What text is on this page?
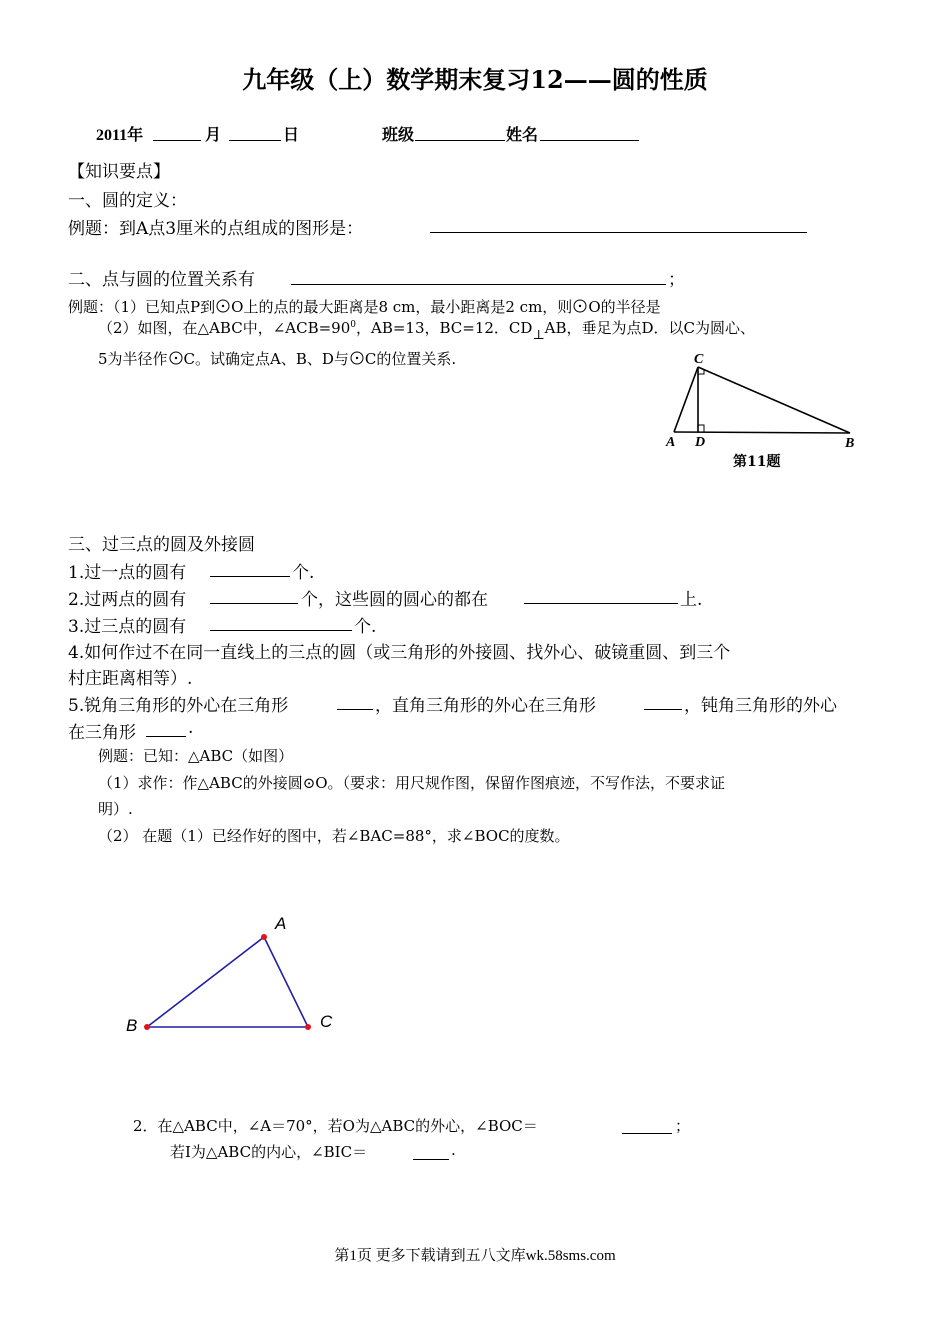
九年级（上）数学期末复习12——圆的性质
2011年	月	日	班级	姓名
【知识要点】
一、圆的定义：
例题：到A点3厘米的点组成的图形是：
二、点与圆的位置关系有	；
例题：（1）已知点P到 O上的点的最大距离是8 cm，最小距离是2 cm，则 O的半径是
（2）如图，在△ABC中，$\angle ACB=90^0$，AB=13，BC=12．CD⊥AB，垂足为点D．以C为圆心、
5为半径作 C。试确定点A、B、D与 C的位置关系.	C
A D	B
第11题
三、过三点的圆及外接圆
1.过一点的圆有	个.
2.过两点的圆有	个，这些圆的圆心的都在	上.
3.过三点的圆有	个.
4.如何作过不在同一直线上的三点的圆（或三角形的外接圆、找外心、破镜重圆、到三个
村庄距离相等）.
5.锐角三角形的外心在三角形	，直角三角形的外心在三角形	，钝角三角形的外心
在三角形	.
例题：已知：△ABC（如图）
（1）求作：作△ABC的外接圆⊙O。（要求：用尺规作图，保留作图痕迹，不写作法，不要求证
明）.
（2） 在题（1）已经作好的图中，若∠BAC=88°，求∠BOC的度数。
A
B	C
2．在△ABC中，∠A＝70°，若O为△ABC的外心，∠BOC＝	；
若I为△ABC的内心，∠BIC＝	.
第1页 更多下载请到五八文库wk.58sms.com
